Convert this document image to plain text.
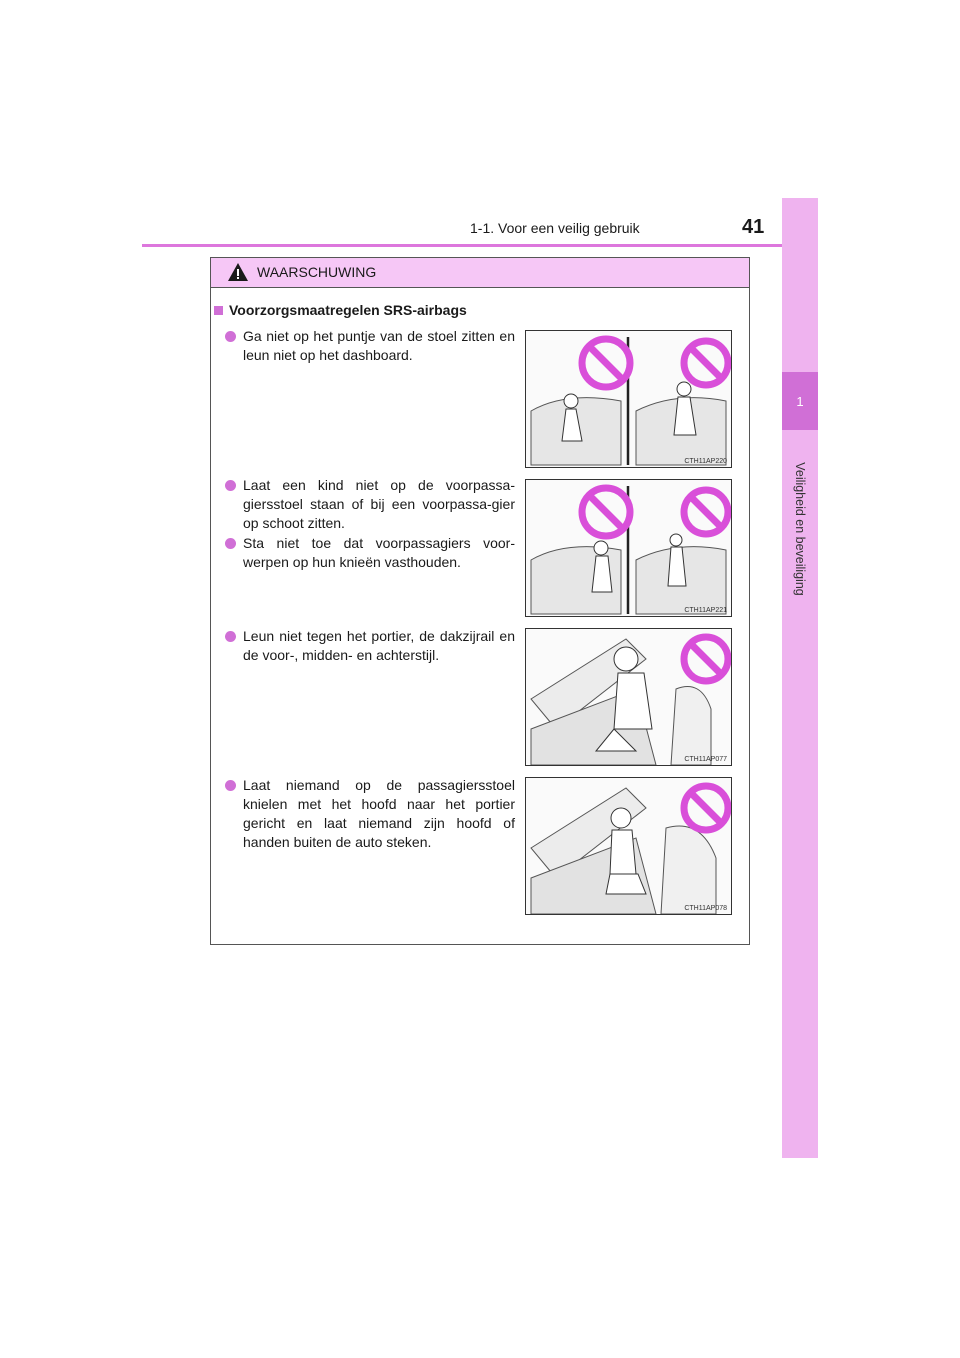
1-1. Voor een veilig gebruik	41
1
Veiligheid en beveiliging
WAARSCHUWING
Voorzorgsmaatregelen SRS-airbags
Ga niet op het puntje van de stoel zitten en leun niet op het dashboard.
Laat een kind niet op de voorpassa-giersstoel staan of bij een voorpassa-gier op schoot zitten.
Sta niet toe dat voorpassagiers voor-werpen op hun knieën vasthouden.
Leun niet tegen het portier, de dakzijrail en de voor-, midden- en achterstijl.
Laat niemand op de passagiersstoel knielen met het hoofd naar het portier gericht en laat niemand zijn hoofd of handen buiten de auto steken.
CTH11AP220
CTH11AP221
CTH11AP077
CTH11AP078
